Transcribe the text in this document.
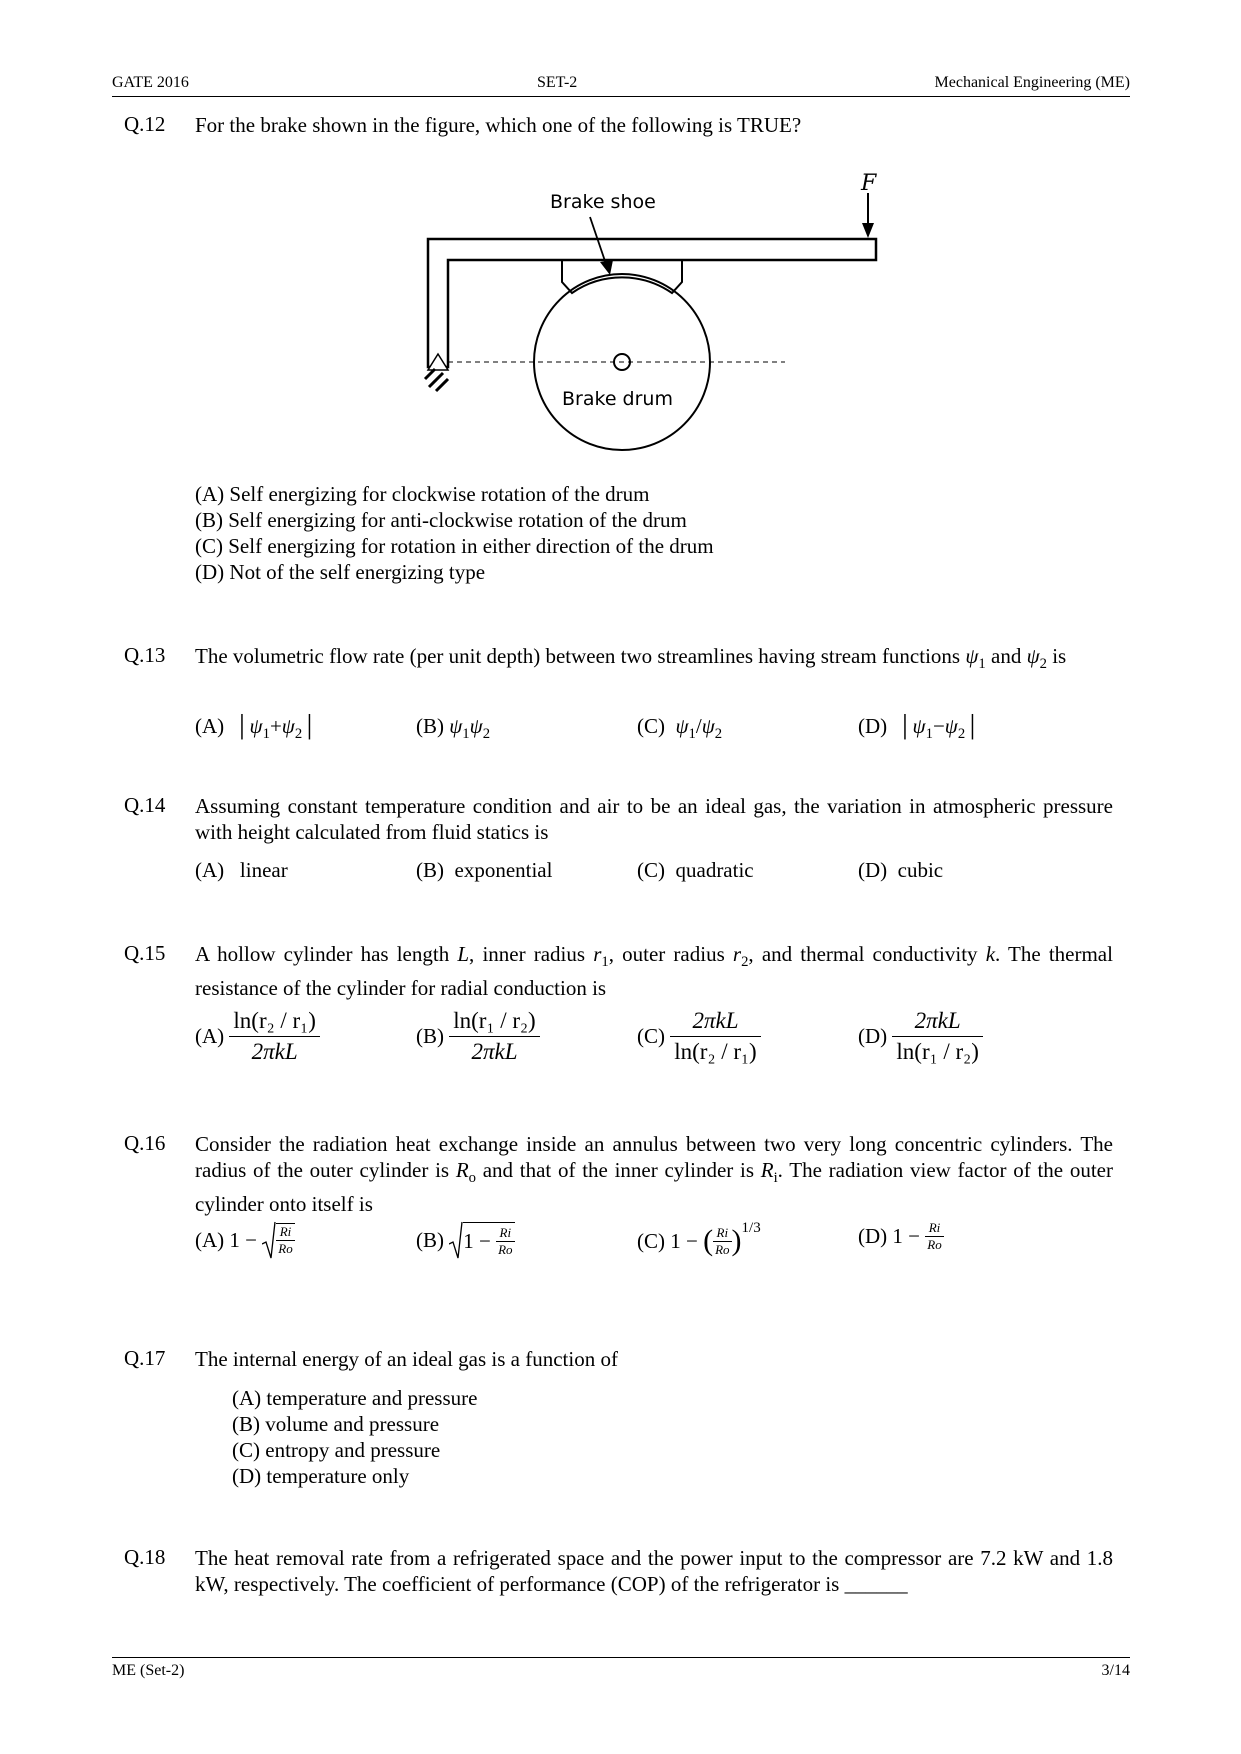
GATE 2016	SET-2	Mechanical Engineering (ME)
Q.12 For the brake shown in the figure, which one of the following is TRUE?
F
Brake shoe
Brake drum
(A) Self energizing for clockwise rotation of the drum
(B) Self energizing for anti-clockwise rotation of the drum
(C) Self energizing for rotation in either direction of the drum
(D) Not of the self energizing type
Q.13 The volumetric flow rate (per unit depth) between two streamlines having stream functions $\psi_1$ and $\psi_2$ is
(A)  $│\psi_1+\psi_2│$	(B) $\psi_1\psi_2$	(C) $\psi_1/\psi_2$	(D)  $│\psi_1-\psi_2│$
Q.14 Assuming constant temperature condition and air to be an ideal gas, the variation in atmospheric pressure with height calculated from fluid statics is
(A)   linear	(B)  exponential	(C)  quadratic	(D)  cubic
Q.15 A hollow cylinder has length L, inner radius $r_1$, outer radius $r_2$, and thermal conductivity k. The thermal resistance of the cylinder for radial conduction is
$(A) \frac{\text{ln(r₂ / r₁)}}{\text{2πkL}}$	$(B) \frac{\text{ln(r₁ / r₂)}}{\text{2πkL}}$	$(C) \frac{\text{2πkL}}{\text{ln(r₂ / r₁)}}$	$(D) \frac{\text{2πkL}}{\text{ln(r₁ / r₂)}}$
Q.16 Consider the radiation heat exchange inside an annulus between two very long concentric cylinders. The radius of the outer cylinder is $R_o$ and that of the inner cylinder is $R_i$. The radiation view factor of the outer cylinder onto itself is
(A) $1 - \frac{Ri}{Ro}$	(B) $1 - \frac{Ri}{Ro}$	(C) 1 − ( $\frac{Ri}{Ro} )^{1/3}$	(D) $1 - \frac{Ri}{Ro}$
Q.17 The internal energy of an ideal gas is a function of
(A) temperature and pressure
(B) volume and pressure
(C) entropy and pressure
(D) temperature only
Q.18 The heat removal rate from a refrigerated space and the power input to the compressor are 7.2 kW and 1.8 kW, respectively. The coefficient of performance (COP) of the refrigerator is ______
ME (Set-2)	3/14
